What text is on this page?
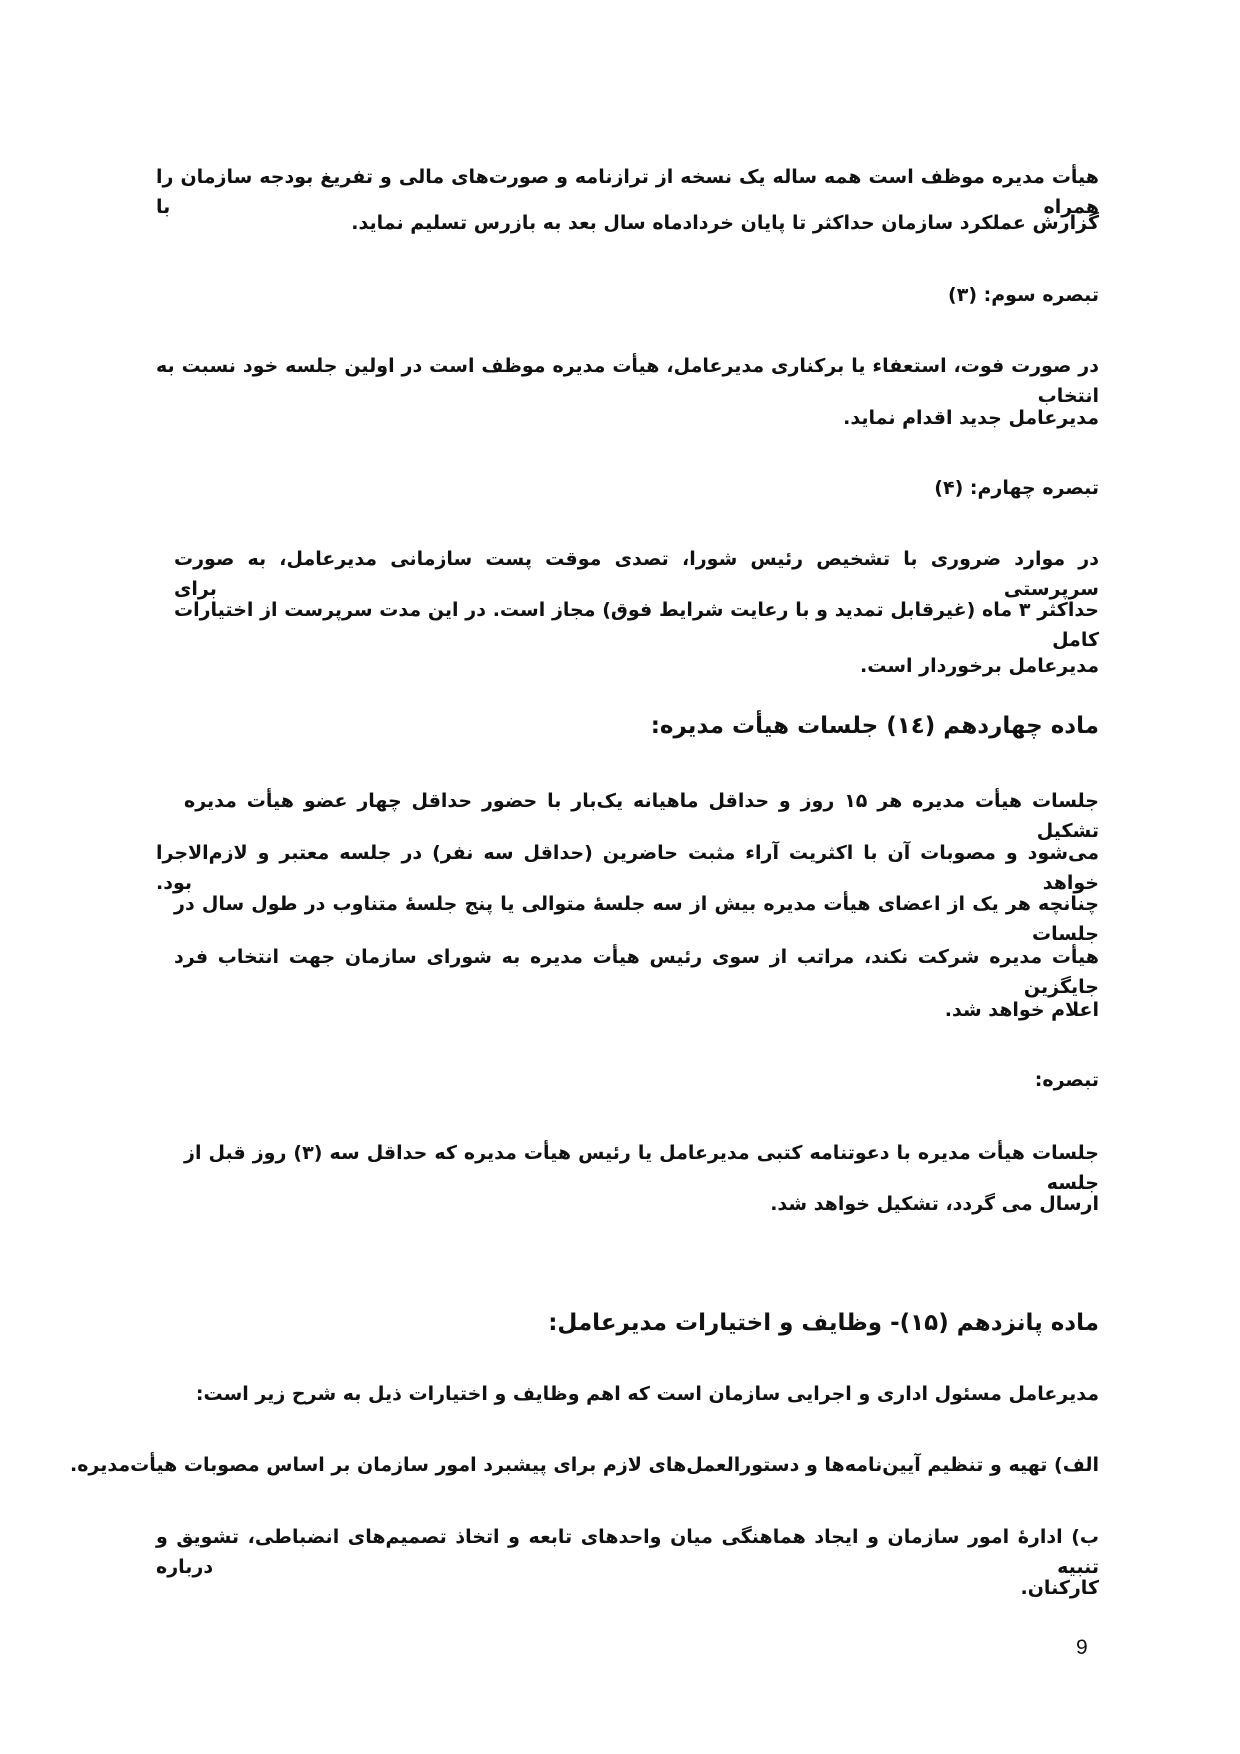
هیأت مدیره موظف است همه ساله یک نسخه از ترازنامه و صورت‌های مالی و تفریغ بودجه سازمان را همراه با
گزارش عملکرد سازمان حداکثر تا پایان خردادماه سال بعد به بازرس تسلیم نماید.
تبصره سوم: (۳)
در صورت فوت، استعفاء یا برکناری مدیرعامل، هیأت مدیره موظف است در اولین جلسه خود نسبت به انتخاب
مدیرعامل جدید اقدام نماید.
تبصره چهارم: (۴)
در موارد ضروری با تشخیص رئیس شورا، تصدی موقت پست سازمانی مدیرعامل، به صورت سرپرستی برای
حداکثر ۳ ماه (غیرقابل تمدید و با رعایت شرایط فوق) مجاز است. در این مدت سرپرست از اختیارات کامل
مدیرعامل برخوردار است.
ماده چهاردهم (١٤) جلسات هیأت مدیره:
جلسات هیأت مدیره هر ۱۵ روز و حداقل ماهیانه یک‌بار با حضور حداقل چهار عضو هیأت مدیره تشکیل
می‌شود و مصوبات آن با اکثریت آراء مثبت حاضرین (حداقل سه نفر) در جلسه معتبر و لازم‌الاجرا خواهد بود.
چنانچه هر یک از اعضای هیأت مدیره بیش از سه جلسهٔ متوالی یا پنج جلسهٔ متناوب در طول سال در جلسات
هیأت مدیره شرکت نکند، مراتب از سوی رئیس هیأت مدیره به شورای سازمان جهت انتخاب فرد جایگزین
اعلام خواهد شد.
تبصره:
جلسات هیأت مدیره با دعوتنامه کتبی مدیرعامل یا رئیس هیأت مدیره که حداقل سه (۳) روز قبل از جلسه
ارسال می گردد، تشکیل خواهد شد.
ماده پانزدهم (۱۵)- وظایف و اختیارات مدیرعامل:
مدیرعامل مسئول اداری و اجرایی سازمان است که اهم وظایف و اختیارات ذیل به شرح زیر است:
الف) تهیه و تنظیم آیین‌نامه‌ها و دستورالعمل‌های لازم برای پیشبرد امور سازمان بر اساس مصوبات هیأت‌مدیره.
ب) ادارهٔ امور سازمان و ایجاد هماهنگی میان واحدهای تابعه و اتخاذ تصمیم‌های انضباطی، تشویق و تنبیه درباره
کارکنان.
9
